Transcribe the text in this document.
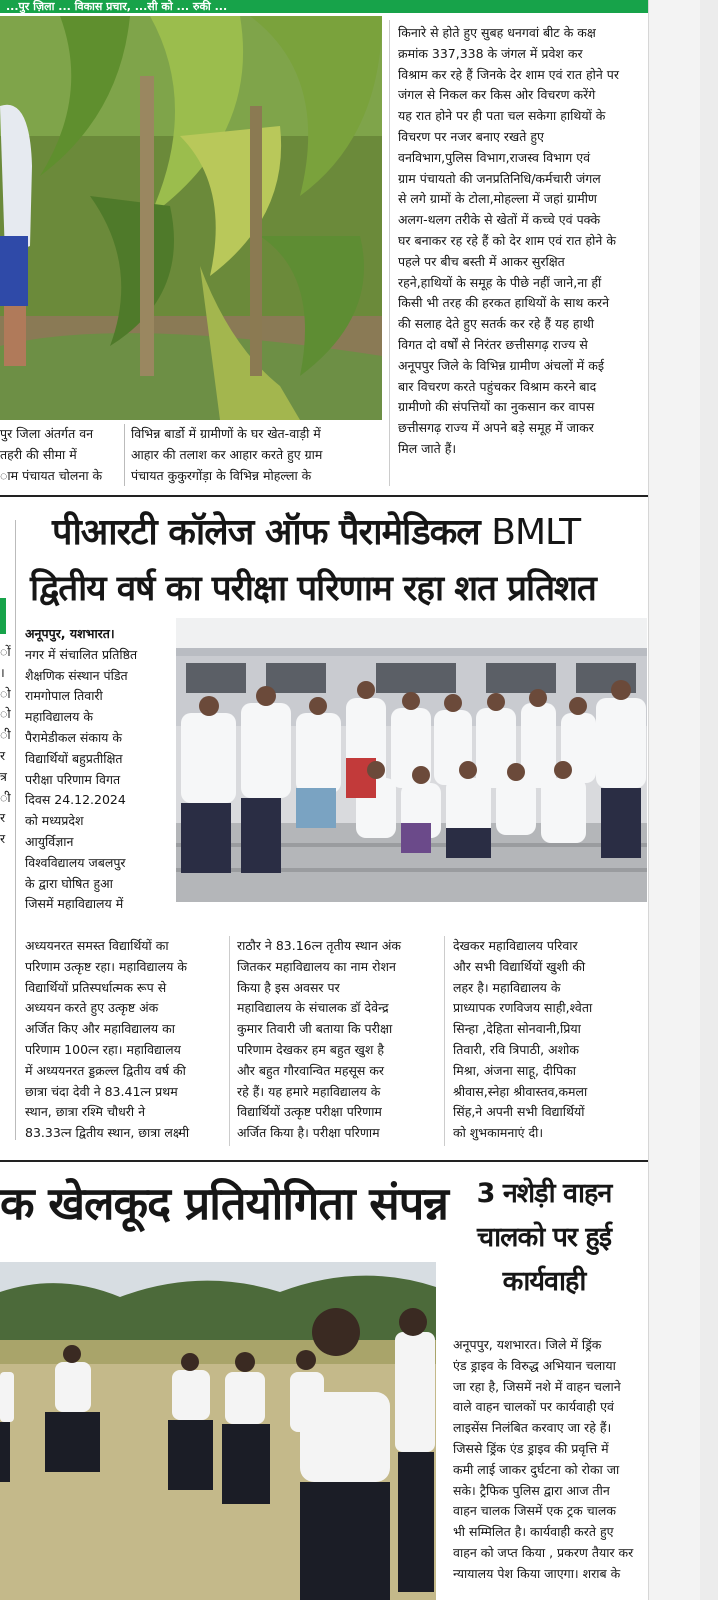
...पुर ज़िला ... विकास प्रचार, ...सी को ... रुकी ...
किनारे से होते हुए सुबह धनगवां बीट के कक्ष
क्रमांक 337,338 के जंगल में प्रवेश कर
विश्राम कर रहे हैं जिनके देर शाम एवं रात होने पर
जंगल से निकल कर किस ओर विचरण करेंगे
यह रात होने पर ही पता चल सकेगा हाथियों के
विचरण पर नजर बनाए रखते हुए
वनविभाग,पुलिस विभाग,राजस्व विभाग एवं
ग्राम पंचायतो की जनप्रतिनिधि/कर्मचारी जंगल
से लगे ग्रामों के टोला,मोहल्ला में जहां ग्रामीण
अलग-थलग तरीके से खेतों में कच्चे एवं पक्के
घर बनाकर रह रहे हैं को देर शाम एवं रात होने के
पहले पर बीच बस्ती में आकर सुरक्षित
रहने,हाथियों के समूह के पीछे नहीं जाने,ना हीं
किसी भी तरह की हरकत हाथियों के साथ करने
की सलाह देते हुए सतर्क कर रहे हैं यह हाथी
विगत दो वर्षों से निरंतर छत्तीसगढ़ राज्य से
अनूपपुर जिले के विभिन्न ग्रामीण अंचलों में कई
बार विचरण करते पहुंचकर विश्राम करने बाद
ग्रामीणो की संपत्तियों का नुकसान कर वापस
छत्तीसगढ़ राज्य में अपने बड़े समूह में जाकर
मिल जाते हैं।
पुर जिला अंतर्गत वन
तहरी की सीमा में
ाम पंचायत चोलना के
विभिन्न बार्डो में ग्रामीणों के घर खेत-वाड़ी में
आहार की तलाश कर आहार करते हुए ग्राम
पंचायत कुकुरगोंड़ा के विभिन्न मोहल्ला के
पीआरटी कॉलेज ऑफ पैरामेडिकल BMLT
द्वितीय वर्ष का परीक्षा परिणाम रहा शत प्रतिशत
ों
।
ो
ो
ी
र
त्र
ी
र
र
अनूपपुर, यशभारत।
नगर में संचालित प्रतिष्ठित
शैक्षणिक संस्थान पंडित
रामगोपाल तिवारी
महाविद्यालय के
पैरामेडीकल संकाय के
विद्यार्थियों बहुप्रतीक्षित
परीक्षा परिणाम विगत
दिवस 24.12.2024
को मध्यप्रदेश
आयुर्विज्ञान
विश्वविद्यालय जबलपुर
के द्वारा घोषित हुआ
जिसमें महाविद्यालय में
अध्ययनरत समस्त विद्यार्थियों का
परिणाम उत्कृष्ट रहा। महाविद्यालय के
विद्यार्थियों प्रतिस्पर्धात्मक रूप से
अध्ययन करते हुए उत्कृष्ट अंक
अर्जित किए और महाविद्यालय का
परिणाम 100त्न रहा। महाविद्यालय
में अध्ययनरत ड्डक्रल्ल द्वितीय वर्ष की
छात्रा चंदा देवी ने 83.41त्न प्रथम
स्थान, छात्रा रश्मि चौधरी ने
83.33त्न द्वितीय स्थान, छात्रा लक्ष्मी
राठौर ने 83.16त्न तृतीय स्थान अंक
जितकर महाविद्यालय का नाम रोशन
किया है इस अवसर पर
महाविद्यालय के संचालक डॉ देवेन्द्र
कुमार तिवारी जी बताया कि परीक्षा
परिणाम देखकर हम बहुत खुश है
और बहुत गौरवान्वित महसूस कर
रहे हैं। यह हमारे महाविद्यालय के
विद्यार्थियों उत्कृष्ट परीक्षा परिणाम
अर्जित किया है। परीक्षा परिणाम
देखकर महाविद्यालय परिवार
और सभी विद्यार्थियों खुशी की
लहर है। महाविद्यालय के
प्राध्यापक रणविजय साही,श्वेता
सिन्हा ,देहिता सोनवानी,प्रिया
तिवारी, रवि त्रिपाठी, अशोक
मिश्रा, अंजना साहू, दीपिका
श्रीवास,स्नेहा श्रीवास्तव,कमला
सिंह,ने अपनी सभी विद्यार्थियों
को शुभकामनाएं दी।
क खेलकूद प्रतियोगिता संपन्न	3 नशेड़ी वाहन
चालको पर हुई
कार्यवाही
अनूपपुर, यशभारत। जिले में ड्रिंक
एंड ड्राइव के विरुद्ध अभियान चलाया
जा रहा है, जिसमें नशे में वाहन चलाने
वाले वाहन चालकों पर कार्यवाही एवं
लाइसेंस निलंबित करवाए जा रहे हैं।
जिससे ड्रिंक एंड ड्राइव की प्रवृत्ति में
कमी लाई जाकर दुर्घटना को रोका जा
सके। ट्रैफिक पुलिस द्वारा आज तीन
वाहन चालक जिसमें एक ट्रक चालक
भी सम्मिलित है। कार्यवाही करते हुए
वाहन को जप्त किया , प्रकरण तैयार कर
न्यायालय पेश किया जाएगा। शराब के
